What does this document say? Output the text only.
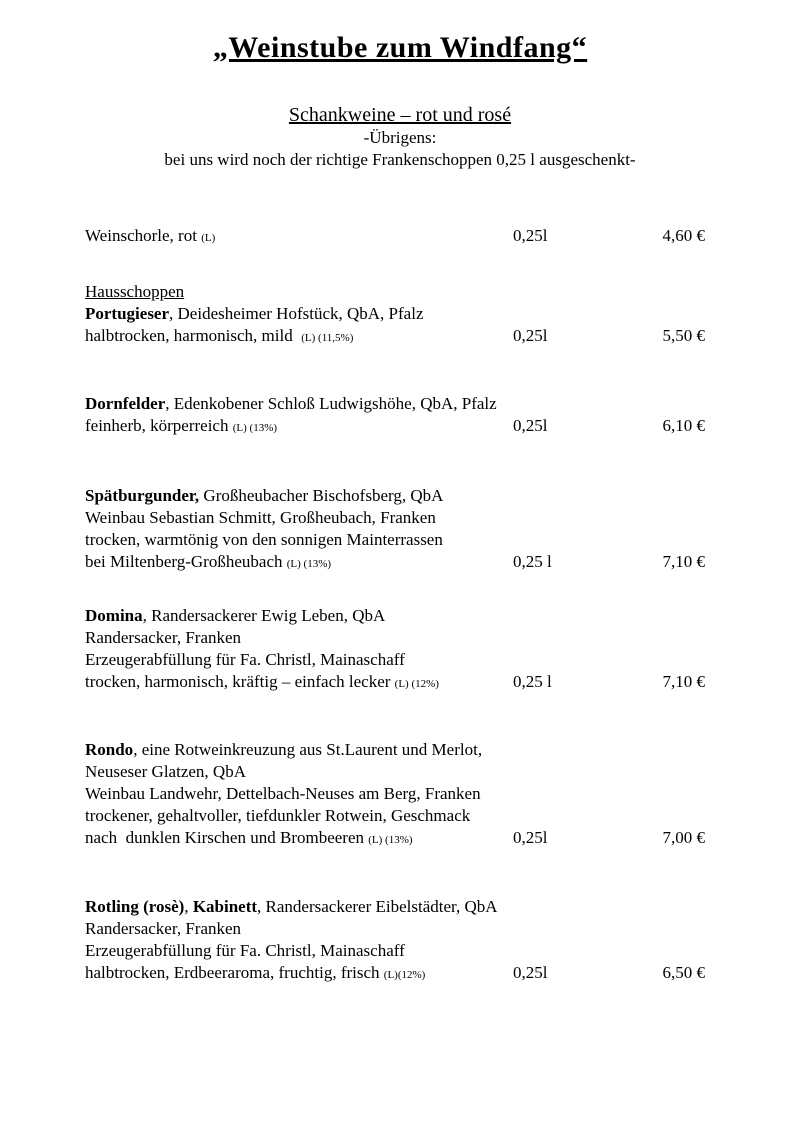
„Weinstube zum Windfang“
Schankweine – rot und rosé
-Übrigens:
bei uns wird noch der richtige Frankenschoppen 0,25 l ausgeschenkt-
Weinschorle, rot (L)	0,25l	4,60 €
Hausschoppen
Portugieser, Deidesheimer Hofstück, QbA, Pfalz
halbtrocken, harmonisch, mild  (L) (11,5%)	0,25l	5,50 €
Dornfelder, Edenkobener Schloß Ludwigshöhe, QbA, Pfalz
feinherb, körperreich (L) (13%)	0,25l	6,10 €
Spätburgunder, Großheubacher Bischofsberg, QbA
Weinbau Sebastian Schmitt, Großheubach, Franken
trocken, warmtönig von den sonnigen Mainterrassen
bei Miltenberg-Großheubach (L) (13%)	0,25 l	7,10 €
Domina, Randersackerer Ewig Leben, QbA
Randersacker, Franken
Erzeugerabfüllung für Fa. Christl, Mainaschaff
trocken, harmonisch, kräftig – einfach lecker (L) (12%)	0,25 l	7,10 €
Rondo, eine Rotweinkreuzung aus St.Laurent und Merlot,
Neuseser Glatzen, QbA
Weinbau Landwehr, Dettelbach-Neuses am Berg, Franken
trockener, gehaltvoller, tiefdunkler Rotwein, Geschmack
nach  dunklen Kirschen und Brombeeren (L) (13%)	0,25l	7,00 €
Rotling (rosè), Kabinett, Randersackerer Eibelstädter, QbA
Randersacker, Franken
Erzeugerabfüllung für Fa. Christl, Mainaschaff
halbtrocken, Erdbeeraroma, fruchtig, frisch (L)(12%)	0,25l	6,50 €
